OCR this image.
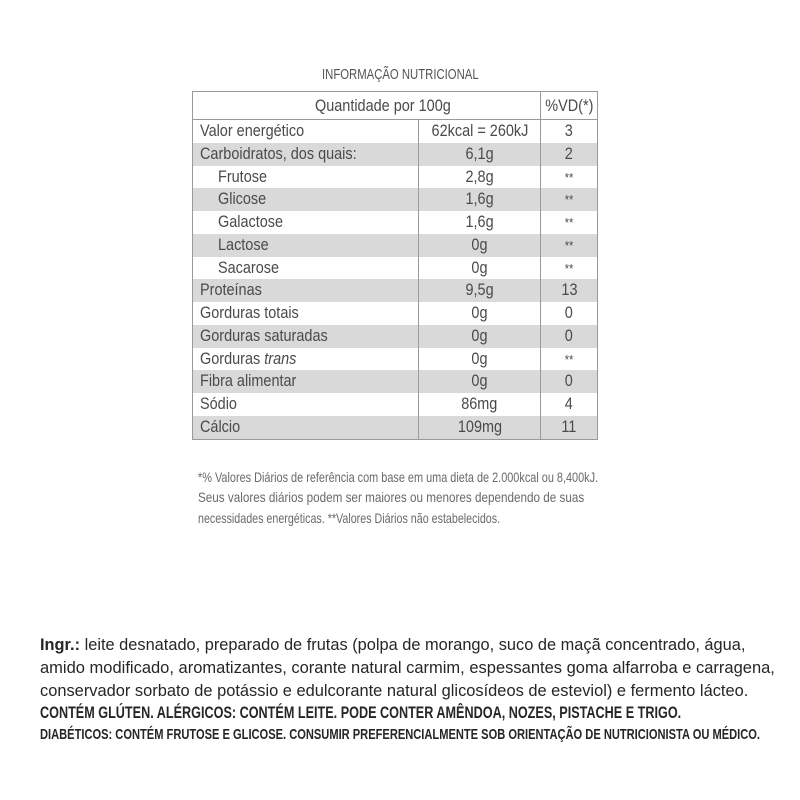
INFORMAÇÃO NUTRICIONAL
Quantidade por 100g	%VD(*)
Valor energético	62kcal = 260kJ	3
Carboidratos, dos quais:	6,1g	2
Frutose	2,8g	**
Glicose	1,6g	**
Galactose	1,6g	**
Lactose	0g	**
Sacarose	0g	**
Proteínas	9,5g	13
Gorduras totais	0g	0
Gorduras saturadas	0g	0
Gorduras trans	0g	**
Fibra alimentar	0g	0
Sódio	86mg	4
Cálcio	109mg	11
*% Valores Diários de referência com base em uma dieta de 2.000kcal ou 8,400kJ.
Seus valores diários podem ser maiores ou menores dependendo de suas
necessidades energéticas. **Valores Diários não estabelecidos.
Ingr.: leite desnatado, preparado de frutas (polpa de morango, suco de maçã concentrado, água,
amido modificado, aromatizantes, corante natural carmim, espessantes goma alfarroba e carragena,
conservador sorbato de potássio e edulcorante natural glicosídeos de esteviol) e fermento lácteo.
CONTÉM GLÚTEN. ALÉRGICOS: CONTÉM LEITE. PODE CONTER AMÊNDOA, NOZES, PISTACHE E TRIGO.
DIABÉTICOS: CONTÉM FRUTOSE E GLICOSE. CONSUMIR PREFERENCIALMENTE SOB ORIENTAÇÃO DE NUTRICIONISTA OU MÉDICO.
